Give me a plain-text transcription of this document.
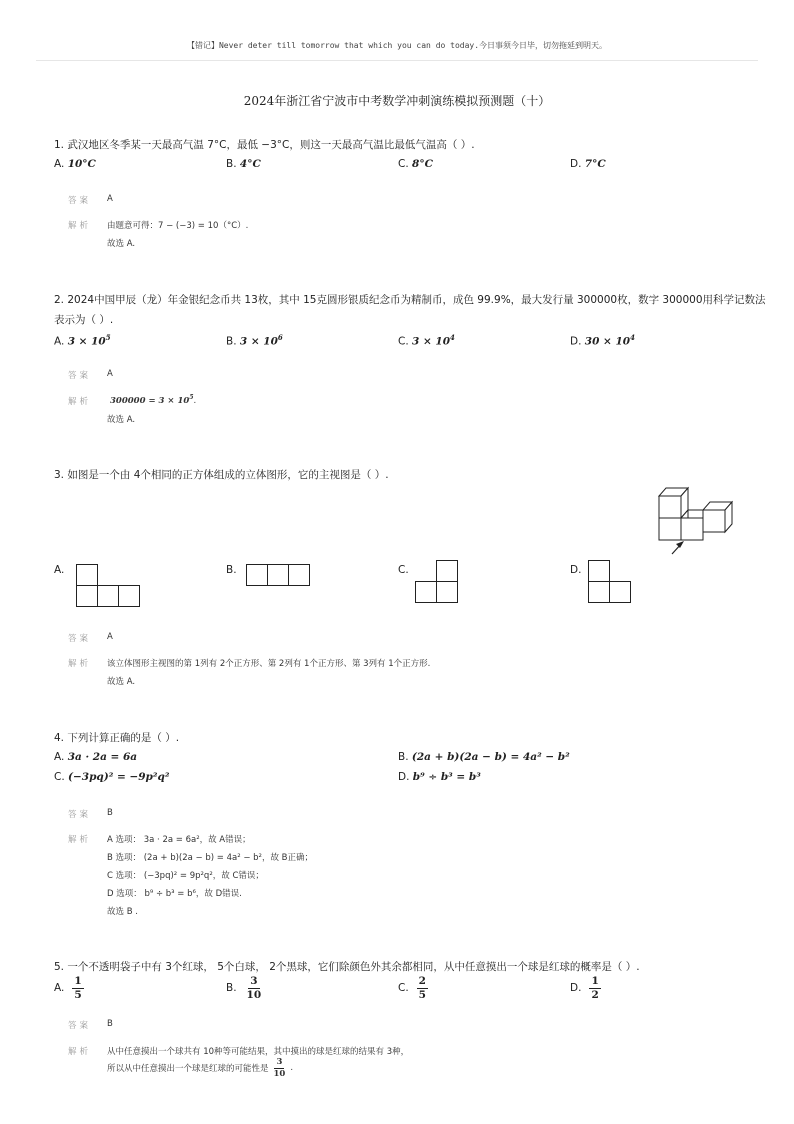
【错记】Never deter till tomorrow that which you can do today.今日事须今日毕，切勿拖延到明天。
2024年浙江省宁波市中考数学冲刺演练模拟预测题（十）
1. 武汉地区冬季某一天最高气温 7°C，最低 −3°C，则这一天最高气温比最低气温高（ ）.
A. 10°C	B. 4°C	C. 8°C	D. 7°C
答案 A
解析 由题意可得：7 − (−3) = 10（°C）.
故选 A.
2. 2024中国甲辰（龙）年金银纪念币共 13枚，其中 15克圆形银质纪念币为精制币，成色 99.9%，最大发行量 300000枚，数字 300000用科学记数法
表示为（ ）.
A. $3 \times 10^5$	B. $3 \times 10^6$	C. $3 \times 10^4$	D. $30 \times 10^4$
答案 A
解析 $300000 = 3 \times 10^5$.
故选 A.
3. 如图是一个由 4个相同的正方体组成的立体图形，它的主视图是（ ）.
A.	B.	C.	D.
答案 A
解析 该立体图形主视图的第 1列有 2个正方形、第 2列有 1个正方形、第 3列有 1个正方形.
故选 A.
4. 下列计算正确的是（ ）.
A. 3a · 2a = 6a	B. (2a + b)(2a − b) = 4a² − b²
C. (−3pq)² = −9p²q²	D. b⁹ ÷ b³ = b³
答案 B
解析 A 选项： 3a · 2a = 6a²，故 A错误；
B 选项： (2a + b)(2a − b) = 4a² − b²，故 B正确；
C 选项： (−3pq)² = 9p²q²，故 C错误；
D 选项： b⁹ ÷ b³ = b⁶，故 D错误.
故选 B .
5. 一个不透明袋子中有 3个红球， 5个白球， 2个黑球，它们除颜色外其余都相同，从中任意摸出一个球是红球的概率是（ ）.
A. $\frac{1}{5}$	B. $\frac{3}{10}$	C. $\frac{2}{5}$	D. $\frac{1}{2}$
答案 B
解析 从中任意摸出一个球共有 10种等可能结果，其中摸出的球是红球的结果有 3种，
所以从中任意摸出一个球是红球的可能性是 $\frac{3}{10}$ .
